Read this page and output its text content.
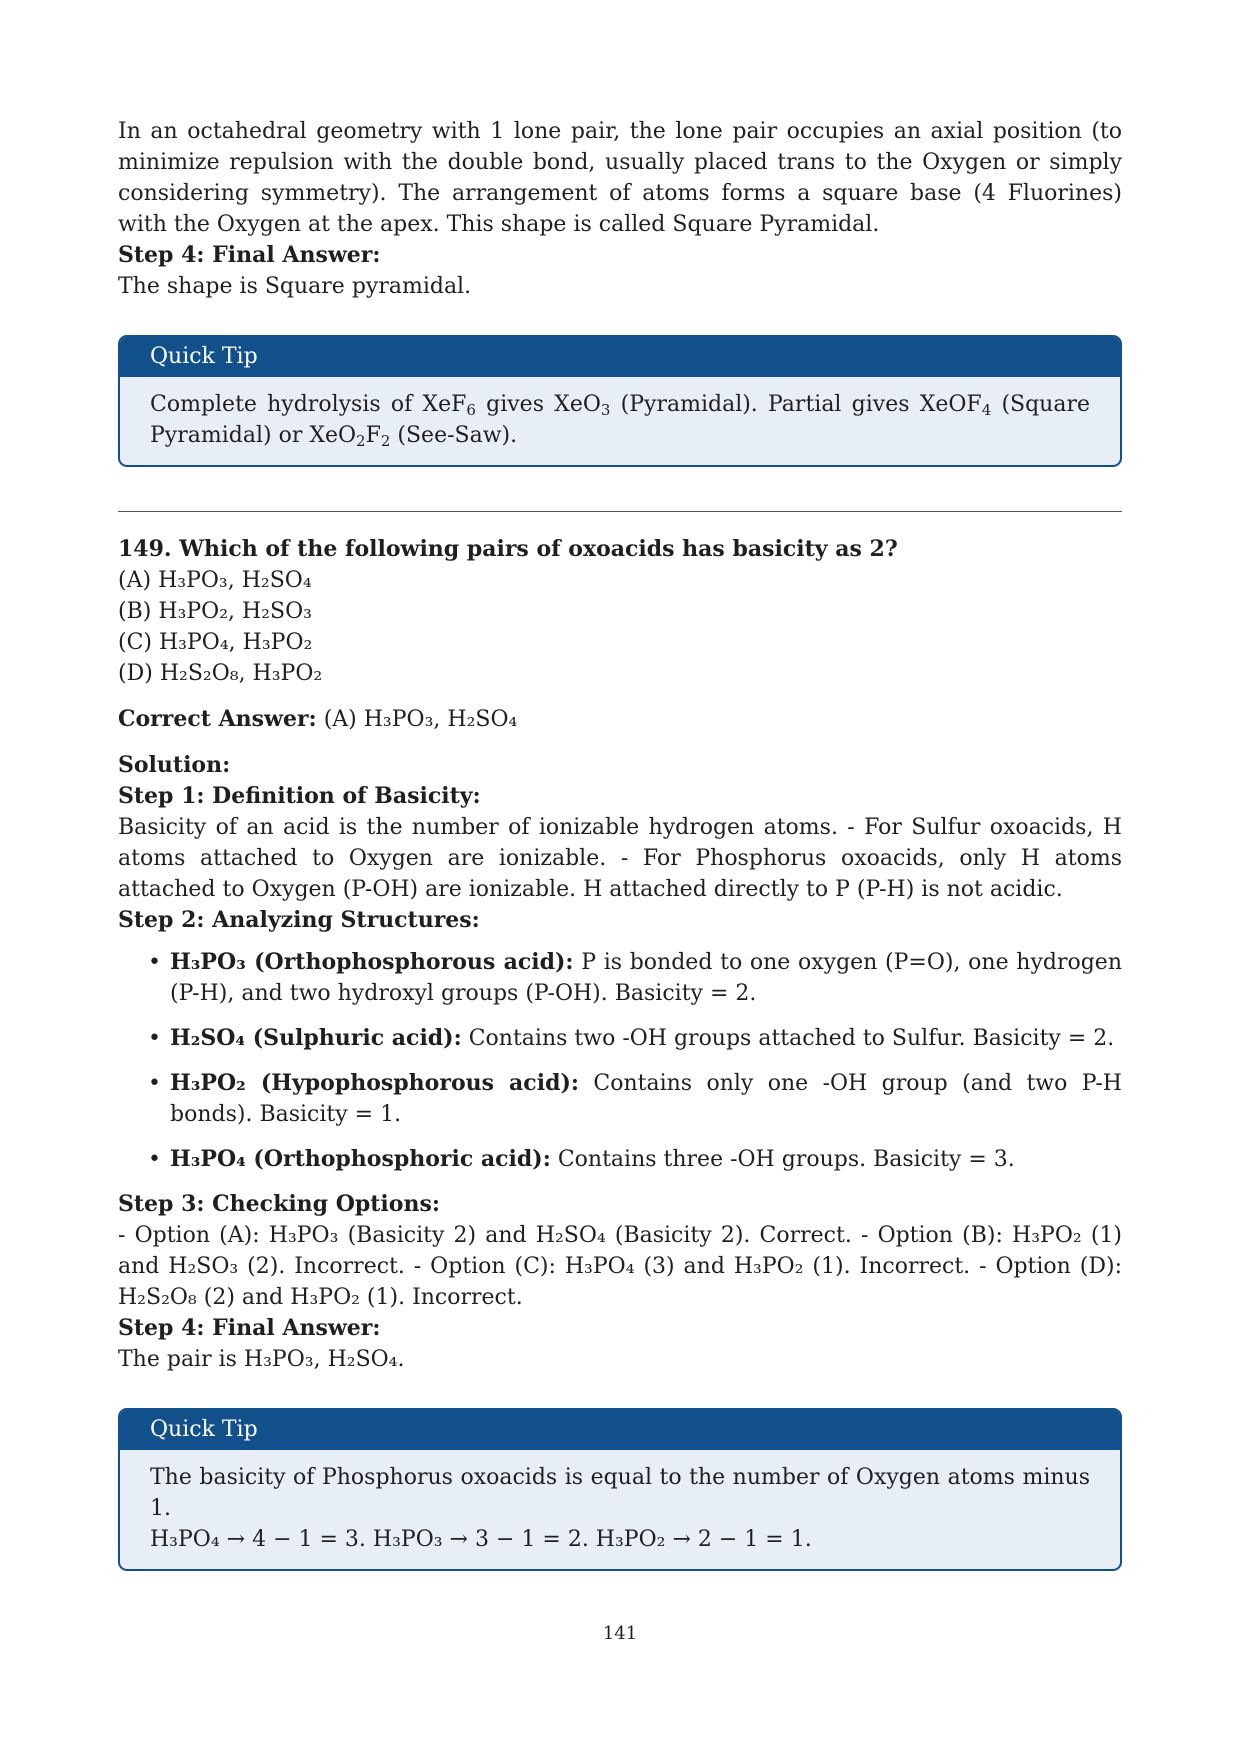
In an octahedral geometry with 1 lone pair, the lone pair occupies an axial position (to minimize repulsion with the double bond, usually placed trans to the Oxygen or simply considering symmetry). The arrangement of atoms forms a square base (4 Fluorines) with the Oxygen at the apex. This shape is called Square Pyramidal.

Step 4: Final Answer:

The shape is Square pyramidal.

Quick Tip
Complete hydrolysis of XeF$_6$ gives XeO$_3$ (Pyramidal). Partial gives XeOF$_4$ (Square Pyramidal) or $XeO_2F_2$ (See-Saw).

149. Which of the following pairs of oxoacids has basicity as 2?

(A) H₃PO₃, H₂SO₄

(B) H₃PO₂, H₂SO₃

(C) H₃PO₄, H₃PO₂

(D) H₂S₂O₈, H₃PO₂

Correct Answer: (A) H₃PO₃, H₂SO₄

Solution:

Step 1: Definition of Basicity:

Basicity of an acid is the number of ionizable hydrogen atoms. - For Sulfur oxoacids, H atoms attached to Oxygen are ionizable. - For Phosphorus oxoacids, only H atoms attached to Oxygen (P-OH) are ionizable. H attached directly to P (P-H) is not acidic.

Step 2: Analyzing Structures:

• H₃PO₃ (Orthophosphorous acid): P is bonded to one oxygen (P=O), one hydrogen (P-H), and two hydroxyl groups (P-OH). Basicity = 2.
• H₂SO₄ (Sulphuric acid): Contains two -OH groups attached to Sulfur. Basicity = 2.
• H₃PO₂ (Hypophosphorous acid): Contains only one -OH group (and two P-H bonds). Basicity = 1.
• H₃PO₄ (Orthophosphoric acid): Contains three -OH groups. Basicity = 3.

Step 3: Checking Options:

- Option (A): H₃PO₃ (Basicity 2) and H₂SO₄ (Basicity 2). Correct. - Option (B): H₃PO₂ (1) and H₂SO₃ (2). Incorrect. - Option (C): H₃PO₄ (3) and H₃PO₂ (1). Incorrect. - Option (D): H₂S₂O₈ (2) and H₃PO₂ (1). Incorrect.

Step 4: Final Answer:

The pair is H₃PO₃, H₂SO₄.

Quick Tip
The basicity of Phosphorus oxoacids is equal to the number of Oxygen atoms minus 1.
H₃PO₄ → 4 − 1 = 3. H₃PO₃ → 3 − 1 = 2. H₃PO₂ → 2 − 1 = 1.
141
